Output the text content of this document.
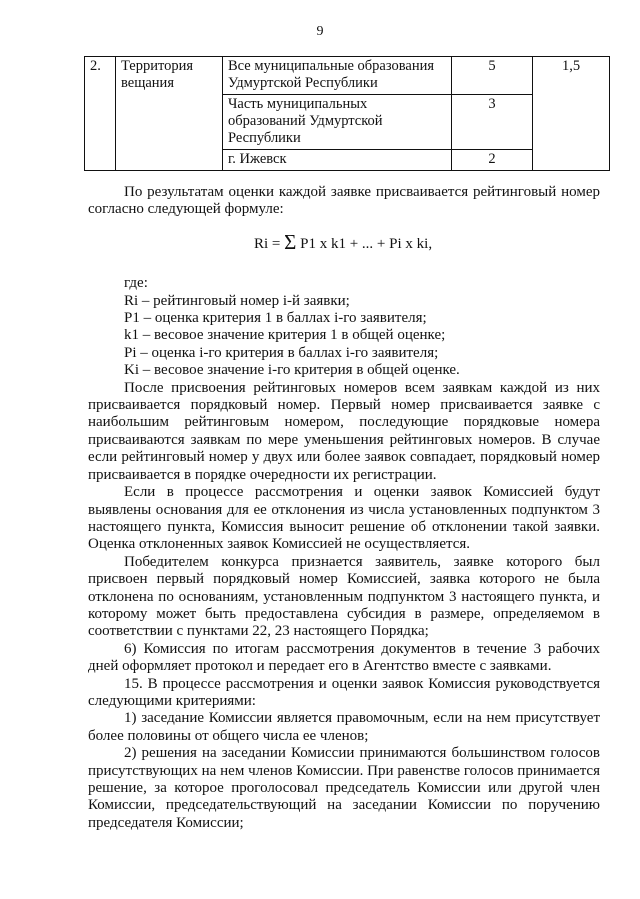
9
2.	Территория вещания	Все муниципальные образования Удмуртской Республики	5	1,5
		Часть муниципальных образований Удмуртской Республики	3	
		г. Ижевск	2	

По результатам оценки каждой заявке присваивается рейтинговый номер согласно следующей формуле:

Ri = Σ P1 x k1 + ... + Pi x ki,

где:

Ri – рейтинговый номер i-й заявки;

P1 – оценка критерия 1 в баллах i-го заявителя;

k1 – весовое значение критерия 1 в общей оценке;

Pi – оценка i-го критерия в баллах i-го заявителя;

Ki – весовое значение i-го критерия в общей оценке.

После присвоения рейтинговых номеров всем заявкам каждой из них присваивается порядковый номер. Первый номер присваивается заявке с наибольшим рейтинговым номером, последующие порядковые номера присваиваются заявкам по мере уменьшения рейтинговых номеров. В случае если рейтинговый номер у двух или более заявок совпадает, порядковый номер присваивается в порядке очередности их регистрации.

Если в процессе рассмотрения и оценки заявок Комиссией будут выявлены основания для ее отклонения из числа установленных подпунктом 3 настоящего пункта, Комиссия выносит решение об отклонении такой заявки. Оценка отклоненных заявок Комиссией не осуществляется.

Победителем конкурса признается заявитель, заявке которого был присвоен первый порядковый номер Комиссией, заявка которого не была отклонена по основаниям, установленным подпунктом 3 настоящего пункта, и которому может быть предоставлена субсидия в размере, определяемом в соответствии с пунктами 22, 23 настоящего Порядка;

6) Комиссия по итогам рассмотрения документов в течение 3 рабочих дней оформляет протокол и передает его в Агентство вместе с заявками.

15. В процессе рассмотрения и оценки заявок Комиссия руководствуется следующими критериями:

1) заседание Комиссии является правомочным, если на нем присутствует более половины от общего числа ее членов;

2) решения на заседании Комиссии принимаются большинством голосов присутствующих на нем членов Комиссии. При равенстве голосов принимается решение, за которое проголосовал председатель Комиссии или другой член Комиссии, председательствующий на заседании Комиссии по поручению председателя Комиссии;
